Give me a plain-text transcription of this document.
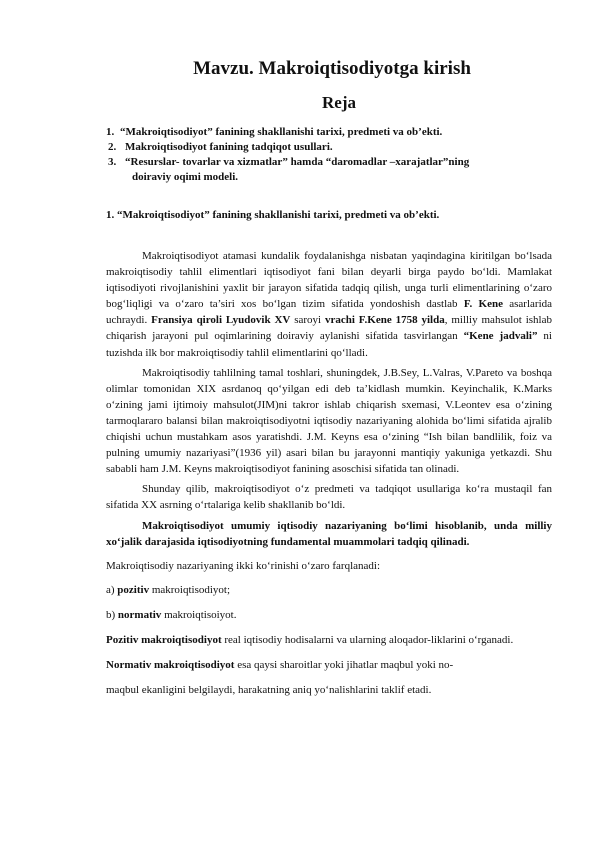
Mavzu. Makroiqtisodiyotga kirish
Reja
1. “Makroiqtisodiyot” fanining shakllanishi tarixi, predmeti va ob’ekti.
2. Makroiqtisodiyot fanining tadqiqot usullari.
3. “Resurslar- tovarlar va xizmatlar” hamda “daromadlar –xarajatlar”ning
doiraviy oqimi modeli.
1. “Makroiqtisodiyot” fanining shakllanishi tarixi, predmeti va ob’ekti.

Makroiqtisodiyot atamasi kundalik foydalanishga nisbatan yaqindagina kiritilgan bo‘lsada makroiqtisodiy tahlil elimentlari iqtisodiyot fani bilan deyarli birga paydo bo‘ldi. Mamlakat iqtisodiyoti rivojlanishini yaxlit bir jarayon sifatida tadqiq qilish, unga turli elimentlarining o‘zaro bog‘liqligi va o‘zaro ta’siri xos bo‘lgan tizim sifatida yondoshish dastlab F. Kene asarlarida uchraydi. Fransiya qiroli Lyudovik XV saroyi vrachi F.Kene 1758 yilda, milliy mahsulot ishlab chiqarish jarayoni pul oqimlarining doiraviy aylanishi sifatida tasvirlangan “Kene jadvali” ni tuzishda ilk bor makroiqtisodiy tahlil elimentlarini qo‘lladi.

Makroiqtisodiy tahlilning tamal toshlari, shuningdek, J.B.Sey, L.Valras, V.Pareto va boshqa olimlar tomonidan XIX asrdanoq qo‘yilgan edi deb ta’kidlash mumkin. Keyinchalik, K.Marks o‘zining jami ijtimoiy mahsulot(JIM)ni takror ishlab chiqarish sxemasi, V.Leontev esa o‘zining tarmoqlararo balansi bilan makroiqtisodiyotni iqtisodiy nazariyaning alohida bo‘limi sifatida ajralib chiqishi uchun mustahkam asos yaratishdi. J.M. Keyns esa o‘zining “Ish bilan bandlilik, foiz va pulning umumiy nazariyasi”(1936 yil) asari bilan bu jarayonni mantiqiy yakuniga yetkazdi. Shu sababli ham J.M. Keyns makroiqtisodiyot fanining asoschisi sifatida tan olinadi.

Shunday qilib, makroiqtisodiyot o‘z predmeti va tadqiqot usullariga ko‘ra mustaqil fan sifatida XX asrning o‘rtalariga kelib shakllanib bo‘ldi.

Makroiqtisodiyot umumiy iqtisodiy nazariyaning bo‘limi hisoblanib, unda milliy xo‘jalik darajasida iqtisodiyotning fundamental muammolari tadqiq qilinadi.

Makroiqtisodiy nazariyaning ikki ko‘rinishi o‘zaro farqlanadi:

a) pozitiv makroiqtisodiyot;

b) normativ makroiqtisoiyot.

Pozitiv makroiqtisodiyot real iqtisodiy hodisalarni va ularning aloqador-liklarini o‘rganadi.

Normativ makroiqtisodiyot esa qaysi sharoitlar yoki jihatlar maqbul yoki no-

maqbul ekanligini belgilaydi, harakatning aniq yo‘nalishlarini taklif etadi.
